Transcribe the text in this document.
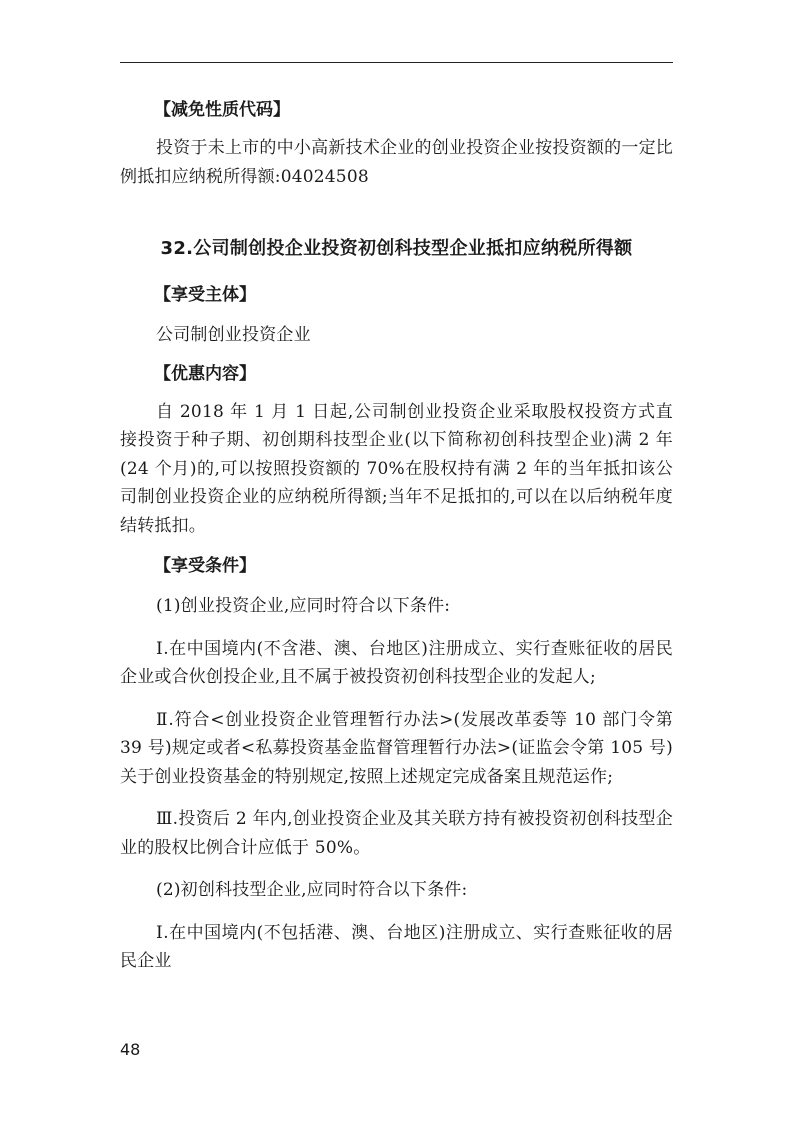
【减免性质代码】

投资于未上市的中小高新技术企业的创业投资企业按投资额的一定比例抵扣应纳税所得额:04024508

32.公司制创投企业投资初创科技型企业抵扣应纳税所得额

【享受主体】

公司制创业投资企业

【优惠内容】

自 2018 年 1 月 1 日起,公司制创业投资企业采取股权投资方式直接投资于种子期、初创期科技型企业(以下简称初创科技型企业)满 2 年(24 个月)的,可以按照投资额的 70%在股权持有满 2 年的当年抵扣该公司制创业投资企业的应纳税所得额;当年不足抵扣的,可以在以后纳税年度结转抵扣。

【享受条件】

(1)创业投资企业,应同时符合以下条件:

Ⅰ.在中国境内(不含港、澳、台地区)注册成立、实行查账征收的居民企业或合伙创投企业,且不属于被投资初创科技型企业的发起人;

Ⅱ.符合<创业投资企业管理暂行办法>(发展改革委等 10 部门令第 39 号)规定或者<私募投资基金监督管理暂行办法>(证监会令第 105 号)关于创业投资基金的特别规定,按照上述规定完成备案且规范运作;

Ⅲ.投资后 2 年内,创业投资企业及其关联方持有被投资初创科技型企业的股权比例合计应低于 50%。

(2)初创科技型企业,应同时符合以下条件:

Ⅰ.在中国境内(不包括港、澳、台地区)注册成立、实行查账征收的居民企业

48
